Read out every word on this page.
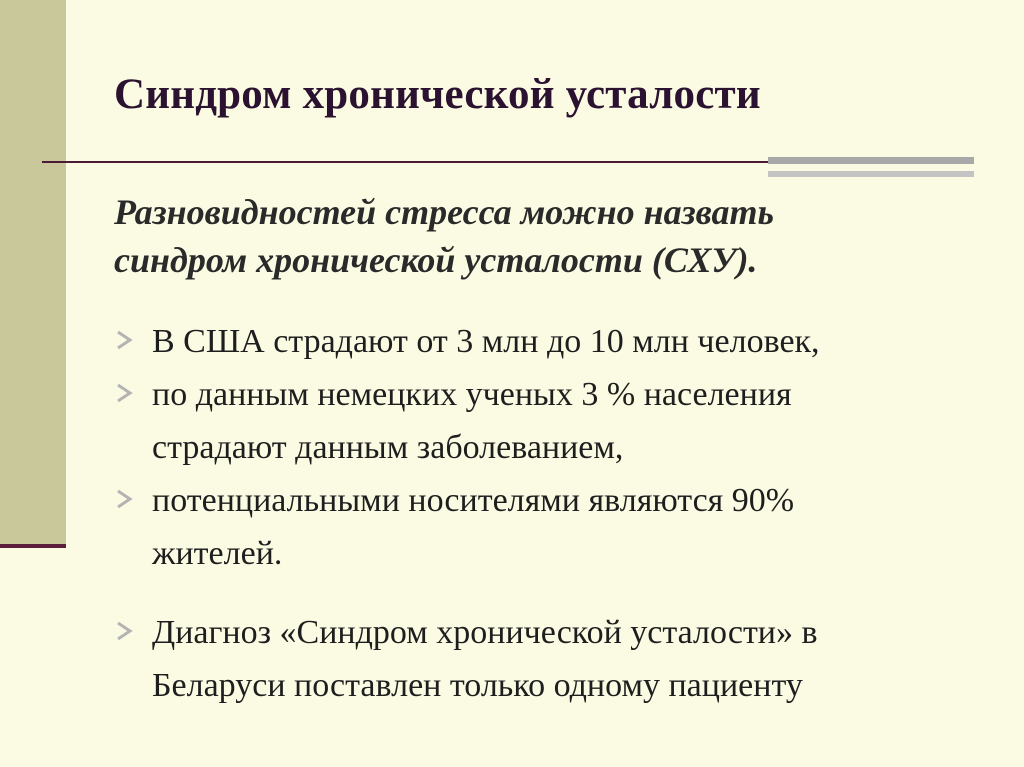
Синдром хронической усталости

Разновидностей стресса можно назвать
синдром хронической усталости (СХУ).

В США страдают от 3 млн до 10 млн человек,
по данным немецких ученых 3 % населения
страдают данным заболеванием,
потенциальными носителями являются 90%
жителей.
Диагноз «Синдром хронической усталости» в
Беларуси поставлен только одному пациенту
